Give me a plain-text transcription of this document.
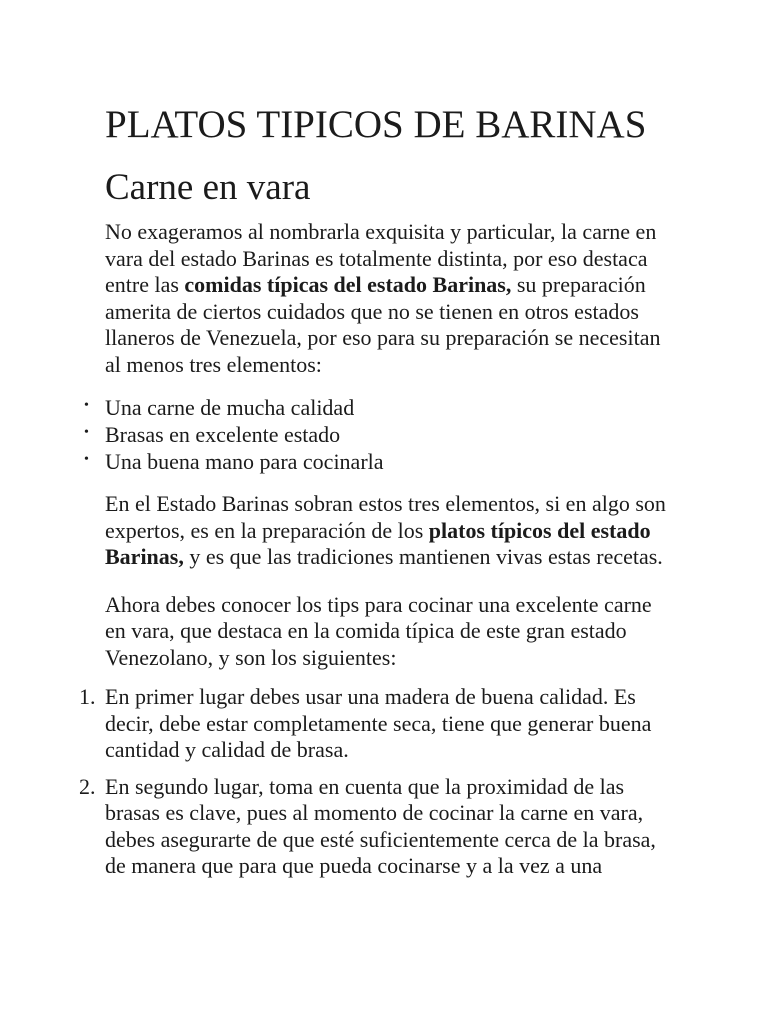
PLATOS TIPICOS DE BARINAS
Carne en vara

No exageramos al nombrarla exquisita y particular, la carne en vara del estado Barinas es totalmente distinta, por eso destaca entre las comidas típicas del estado Barinas, su preparación amerita de ciertos cuidados que no se tienen en otros estados llaneros de Venezuela, por eso para su preparación se necesitan al menos tres elementos:

• Una carne de mucha calidad
• Brasas en excelente estado
• Una buena mano para cocinarla

En el Estado Barinas sobran estos tres elementos, si en algo son expertos, es en la preparación de los platos típicos del estado Barinas, y es que las tradiciones mantienen vivas estas recetas.

Ahora debes conocer los tips para cocinar una excelente carne en vara, que destaca en la comida típica de este gran estado Venezolano, y son los siguientes:

1. En primer lugar debes usar una madera de buena calidad. Es decir, debe estar completamente seca, tiene que generar buena cantidad y calidad de brasa.
2. En segundo lugar, toma en cuenta que la proximidad de las brasas es clave, pues al momento de cocinar la carne en vara, debes asegurarte de que esté suficientemente cerca de la brasa, de manera que para que pueda cocinarse y a la vez a una
